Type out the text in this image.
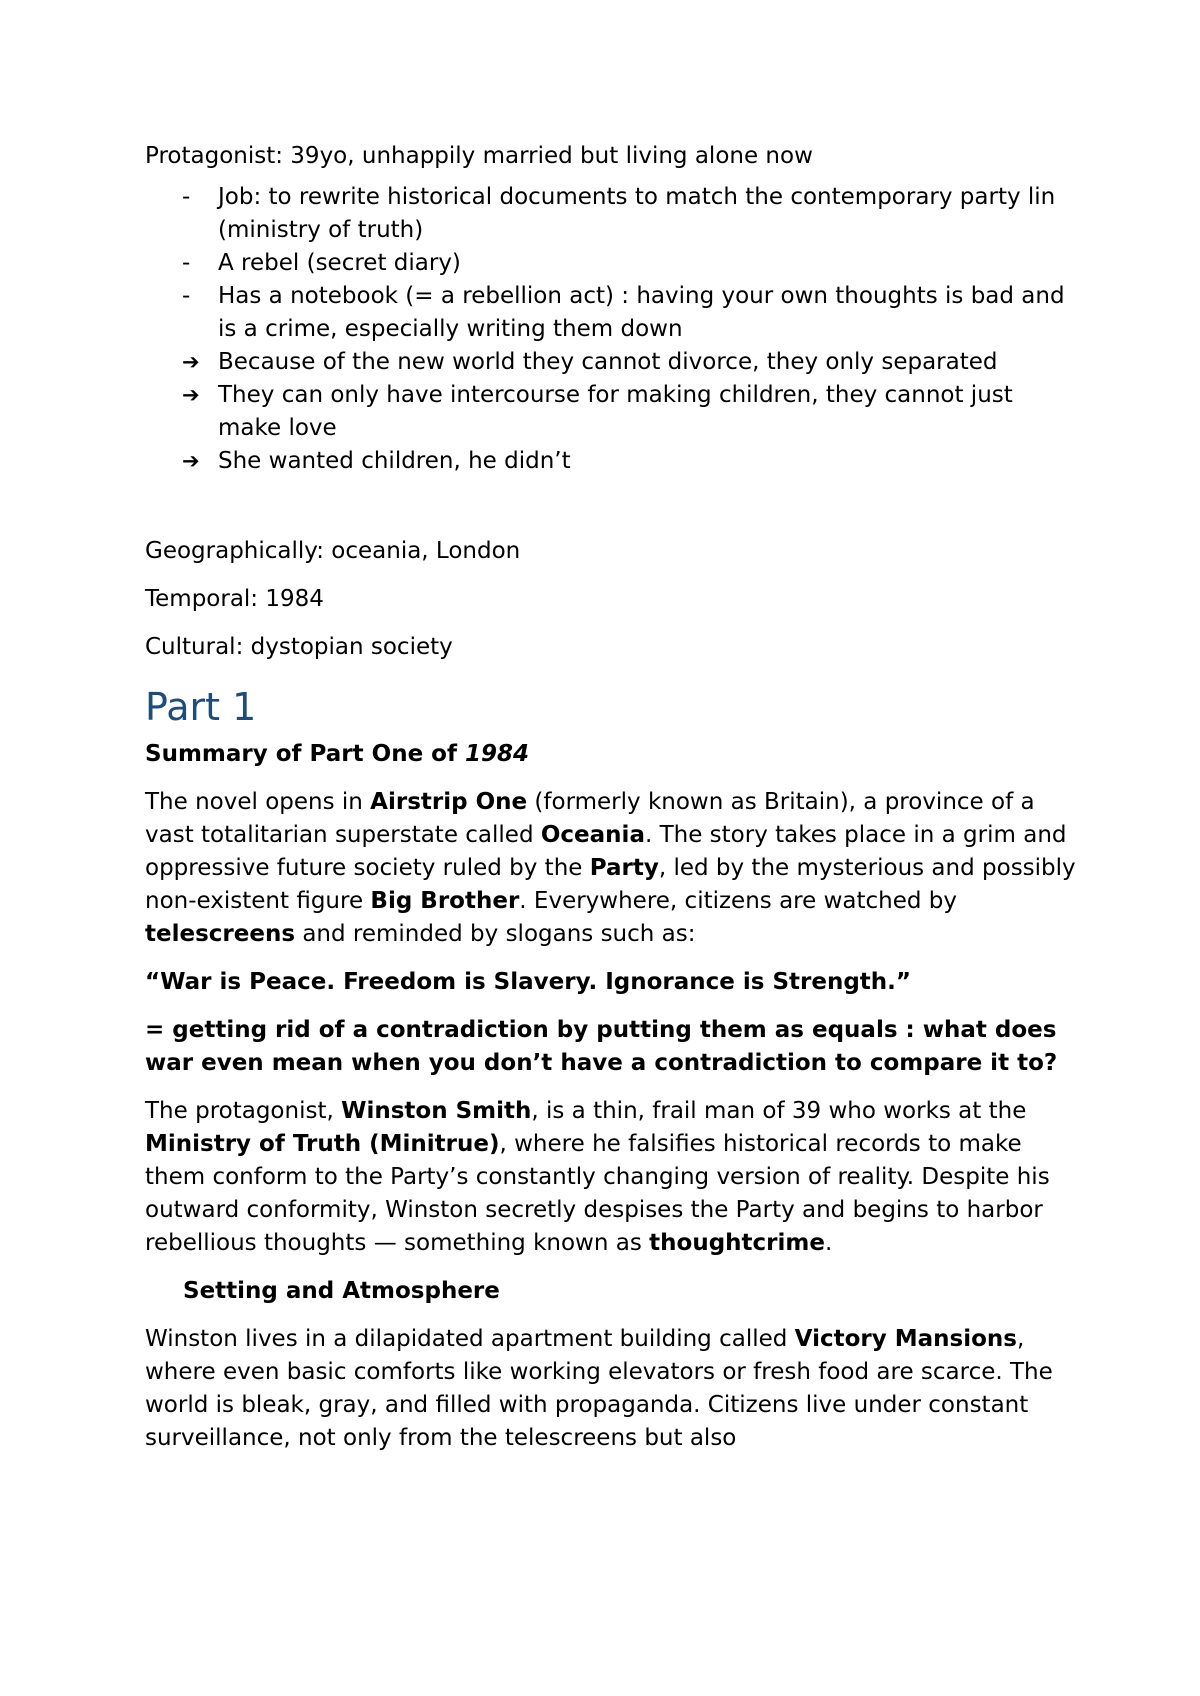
Protagonist: 39yo, unhappily married but living alone now

-	Job: to rewrite historical documents to match the contemporary party lin (ministry of truth)
-	A rebel (secret diary)
-	Has a notebook (= a rebellion act) : having your own thoughts is bad and is a crime, especially writing them down
➔ Because of the new world they cannot divorce, they only separated
➔ They can only have intercourse for making children, they cannot just make love
➔ She wanted children, he didn’t

Geographically: oceania, London

Temporal: 1984

Cultural: dystopian society

Part 1

Summary of Part One of 1984

The novel opens in Airstrip One (formerly known as Britain), a province of a vast totalitarian superstate called Oceania. The story takes place in a grim and oppressive future society ruled by the Party, led by the mysterious and possibly non-existent figure Big Brother. Everywhere, citizens are watched by telescreens and reminded by slogans such as:

“War is Peace. Freedom is Slavery. Ignorance is Strength.”

= getting rid of a contradiction by putting them as equals : what does war even mean when you don’t have a contradiction to compare it to?

The protagonist, Winston Smith, is a thin, frail man of 39 who works at the Ministry of Truth (Minitrue), where he falsifies historical records to make them conform to the Party’s constantly changing version of reality. Despite his outward conformity, Winston secretly despises the Party and begins to harbor rebellious thoughts — something known as thoughtcrime.

Setting and Atmosphere

Winston lives in a dilapidated apartment building called Victory Mansions, where even basic comforts like working elevators or fresh food are scarce. The world is bleak, gray, and filled with propaganda. Citizens live under constant surveillance, not only from the telescreens but also
